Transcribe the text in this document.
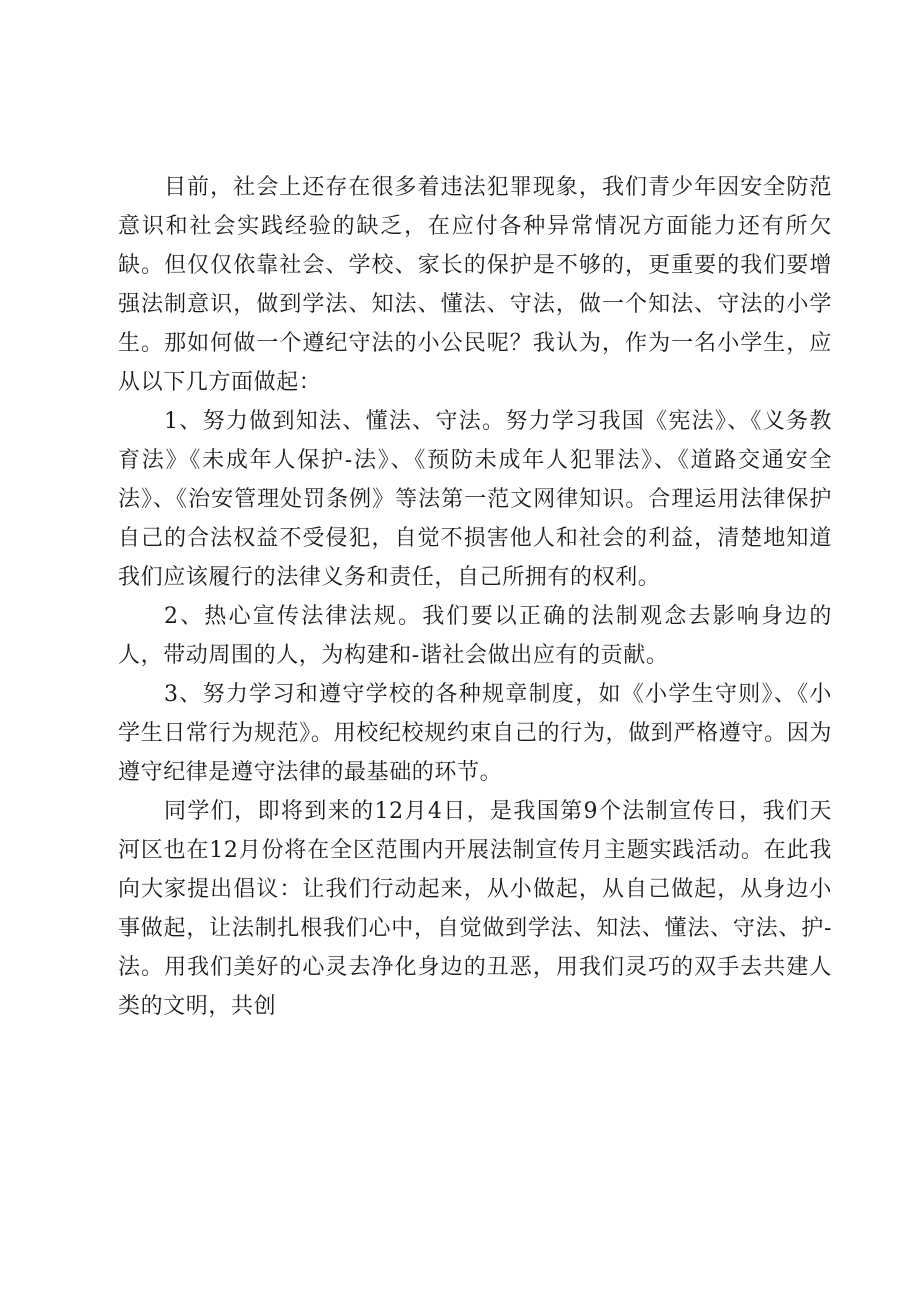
目前，社会上还存在很多着违法犯罪现象，我们青少年因安全防范意识和社会实践经验的缺乏，在应付各种异常情况方面能力还有所欠缺。但仅仅依靠社会、学校、家长的保护是不够的，更重要的我们要增强法制意识，做到学法、知法、懂法、守法，做一个知法、守法的小学生。那如何做一个遵纪守法的小公民呢？我认为，作为一名小学生，应从以下几方面做起：

1、努力做到知法、懂法、守法。努力学习我国《宪法》、《义务教育法》《未成年人保护-法》、《预防未成年人犯罪法》、《道路交通安全法》、《治安管理处罚条例》等法第一范文网律知识。合理运用法律保护自己的合法权益不受侵犯，自觉不损害他人和社会的利益，清楚地知道我们应该履行的法律义务和责任，自己所拥有的权利。

2、热心宣传法律法规。我们要以正确的法制观念去影响身边的人，带动周围的人，为构建和-谐社会做出应有的贡献。

3、努力学习和遵守学校的各种规章制度，如《小学生守则》、《小学生日常行为规范》。用校纪校规约束自己的行为，做到严格遵守。因为遵守纪律是遵守法律的最基础的环节。

同学们，即将到来的12月4日，是我国第9个法制宣传日，我们天河区也在12月份将在全区范围内开展法制宣传月主题实践活动。在此我向大家提出倡议：让我们行动起来，从小做起，从自己做起，从身边小事做起，让法制扎根我们心中，自觉做到学法、知法、懂法、守法、护-法。用我们美好的心灵去净化身边的丑恶，用我们灵巧的双手去共建人类的文明，共创
